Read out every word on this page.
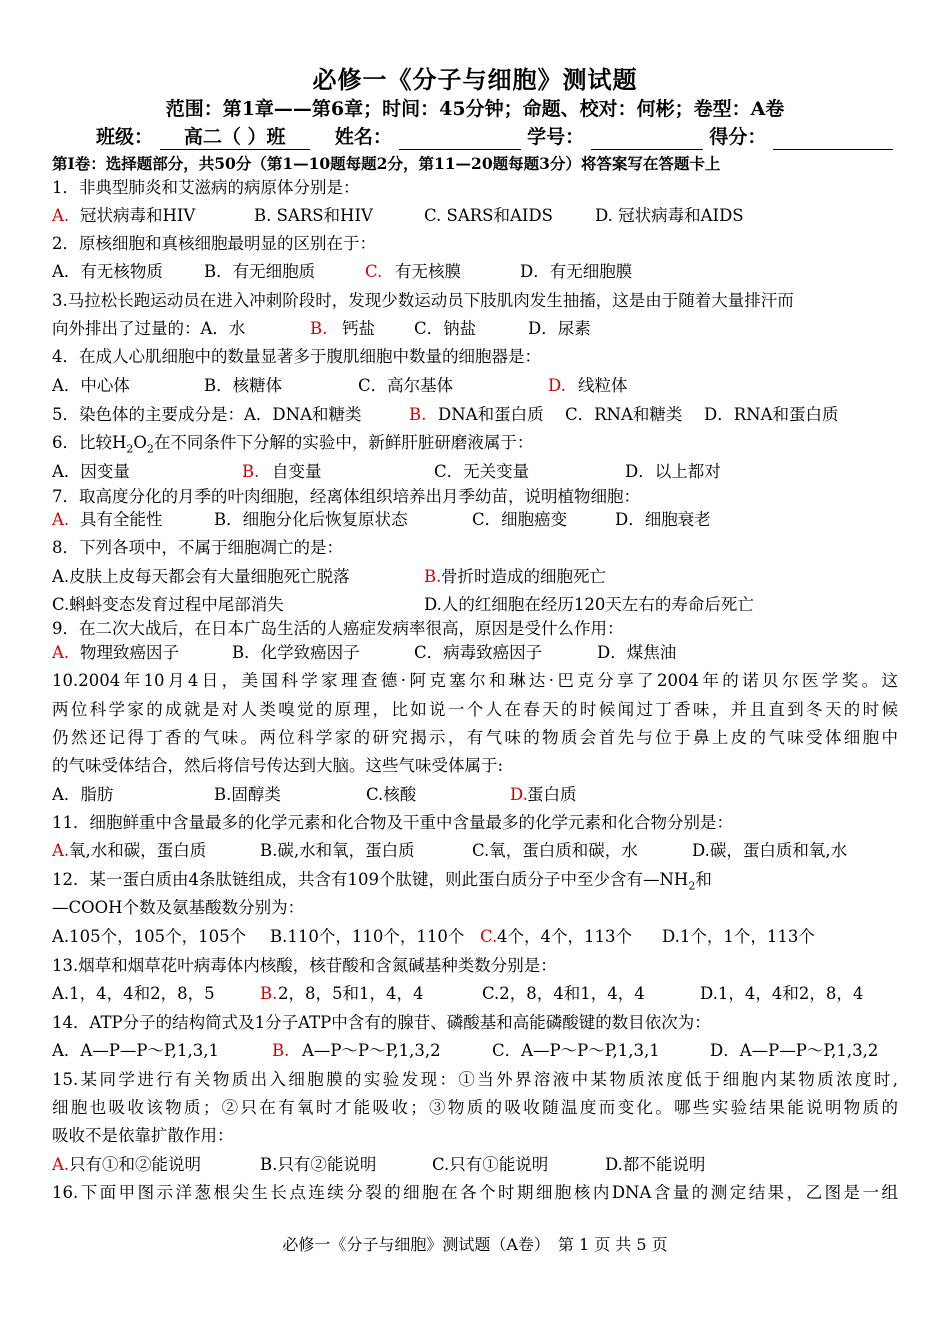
必修一《分子与细胞》测试题
范围：第1章——第6章；时间：45分钟；命题、校对：何彬；卷型：A卷
班级： 高二（ ）班	姓名：	学号：	得分：
第Ⅰ卷：选择题部分，共50分（第1—10题每题2分，第11—20题每题3分）将答案写在答题卡上
1．非典型肺炎和艾滋病的病原体分别是：
A. 冠状病毒和HIV	B. SARS和HIV	C. SARS和AIDS	D. 冠状病毒和AIDS
2．原核细胞和真核细胞最明显的区别在于：
A．有无核物质 B．有无细胞质	C. 有无核膜	D．有无细胞膜
3.马拉松长跑运动员在进入冲刺阶段时，发现少数运动员下肢肌肉发生抽搐，这是由于随着大量排汗而
向外排出了过量的：A．水	B. 钙盐 C．钠盐	D．尿素
4．在成人心肌细胞中的数量显著多于腹肌细胞中数量的细胞器是：
A．中心体	B．核糖体	C．高尔基体	D. 线粒体
5．染色体的主要成分是：A．DNA和糖类	B. DNA和蛋白质 C．RNA和糖类 D．RNA和蛋白质
6．比较$H_2O_2$在不同条件下分解的实验中，新鲜肝脏研磨液属于：
A．因变量	B. 自变量	C．无关变量	D．以上都对
7．取高度分化的月季的叶肉细胞，经离体组织培养出月季幼苗，说明植物细胞：
A. 具有全能性	B．细胞分化后恢复原状态	C．细胞癌变	D．细胞衰老
8．下列各项中，不属于细胞凋亡的是：
A.皮肤上皮每天都会有大量细胞死亡脱落	B. 骨折时造成的细胞死亡
C.蝌蚪变态发育过程中尾部消失	D.人的红细胞在经历120天左右的寿命后死亡
9．在二次大战后，在日本广岛生活的人癌症发病率很高，原因是受什么作用：
A. 物理致癌因子	B．化学致癌因子	C．病毒致癌因子	D．煤焦油
10.2004年10月4日，美国科学家理查德·阿克塞尔和琳达·巴克分享了2004年的诺贝尔医学奖。这
两位科学家的成就是对人类嗅觉的原理，比如说一个人在春天的时候闻过丁香味，并且直到冬天的时候
仍然还记得丁香的气味。两位科学家的研究揭示，有气味的物质会首先与位于鼻上皮的气味受体细胞中
的气味受体结合，然后将信号传达到大脑。这些气味受体属于:
A．脂肪	B.固醇类	C.核酸	D. 蛋白质
11．细胞鲜重中含量最多的化学元素和化合物及干重中含量最多的化学元素和化合物分别是：
A. 氧,水和碳，蛋白质	B.碳,水和氧，蛋白质	C.氧，蛋白质和碳，水	D.碳，蛋白质和氧,水
12．某一蛋白质由4条肽链组成，共含有109个肽键，则此蛋白质分子中至少含有$—NH_2$和
—COOH个数及氨基酸数分别为：
A.105个，105个，105个 B.110个，110个，110个 C. 4个，4个，113个 D.1个，1个，113个
13.烟草和烟草花叶病毒体内核酸，核苷酸和含氮碱基种类数分别是：
A.1，4，4和2，8，5	B. 2，8，5和1，4，4	C.2，8，4和1，4，4	D.1，4，4和2，8，4
14．ATP分子的结构简式及1分子ATP中含有的腺苷、磷酸基和高能磷酸键的数目依次为：
A．A—P—P～P,1,3,1	B. A—P～P～P,1,3,2	C．A—P～P～P,1,3,1	D．A—P—P～P,1,3,2
15.某同学进行有关物质出入细胞膜的实验发现：①当外界溶液中某物质浓度低于细胞内某物质浓度时,
细胞也吸收该物质；②只在有氧时才能吸收；③物质的吸收随温度而变化。哪些实验结果能说明物质的
吸收不是依靠扩散作用：
A. 只有①和②能说明	B.只有②能说明	C.只有①能说明	D.都不能说明
16.下面甲图示洋葱根尖生长点连续分裂的细胞在各个时期细胞核内DNA含量的测定结果，乙图是一组
必修一《分子与细胞》测试题（A卷）　第 1 页 共 5 页
